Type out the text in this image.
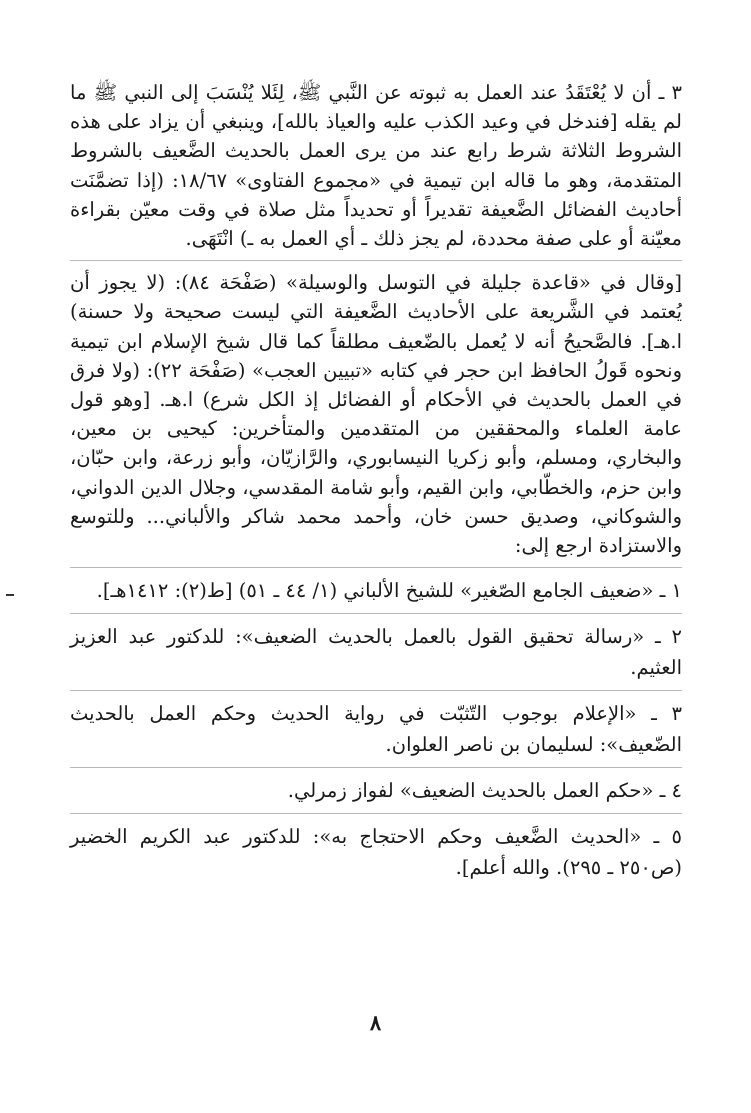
٣ ـ أن لا يُعْتَقَدُ عند العمل به ثبوته عن النَّبي ﷺ، لِئَلا يُنْسَبَ إلى النبي ﷺ ما لم يقله [فندخل في وعيد الكذب عليه والعياذ بالله]، وينبغي أن يزاد على هذه الشروط الثلاثة شرط رابع عند من يرى العمل بالحديث الضَّعيف بالشروط المتقدمة، وهو ما قاله ابن تيمية في «مجموع الفتاوى» ١٨/٦٧: (إذا تضمَّنَت أحاديث الفضائل الضَّعيفة تقديراً أو تحديداً مثل صلاة في وقت معيّن بقراءة معيّنة أو على صفة محددة، لم يجز ذلك ـ أي العمل به ـ) انْتَهَى.

[وقال في «قاعدة جليلة في التوسل والوسيلة» (صَفْحَة ٨٤): (لا يجوز أن يُعتمد في الشَّريعة على الأحاديث الضَّعيفة التي ليست صحيحة ولا حسنة) ا.هـ]. فالصَّحيحُ أنه لا يُعمل بالضّعيف مطلقاً كما قال شيخ الإسلام ابن تيمية ونحوه قَولُ الحافظ ابن حجر في كتابه «تبيين العجب» (صَفْحَة ٢٢): (ولا فرق في العمل بالحديث في الأحكام أو الفضائل إذ الكل شرع) ا.هـ. [وهو قول عامة العلماء والمحققين من المتقدمين والمتأخرين: كيحيى بن معين، والبخاري، ومسلم، وأبو زكريا النيسابوري، والرَّازيّان، وأبو زرعة، وابن حبّان، وابن حزم، والخطّابي، وابن القيم، وأبو شامة المقدسي، وجلال الدين الدواني، والشوكاني، وصديق حسن خان، وأحمد محمد شاكر والألباني... وللتوسع والاستزادة ارجع إلى:

١ ـ «ضعيف الجامع الصّغير» للشيخ الألباني (١/ ٤٤ ـ ٥١) [ط(٢): ١٤١٢هـ].

٢ ـ «رسالة تحقيق القول بالعمل بالحديث الضعيف»: للدكتور عبد العزيز العثيم.

٣ ـ «الإعلام بوجوب التّثبّت في رواية الحديث وحكم العمل بالحديث الضّعيف»: لسليمان بن ناصر العلوان.

٤ ـ «حكم العمل بالحديث الضعيف» لفواز زمرلي.

٥ ـ «الحديث الضَّعيف وحكم الاحتجاج به»: للدكتور عبد الكريم الخضير (ص٢٥٠ ـ ٢٩٥). والله أعلم].

٨
